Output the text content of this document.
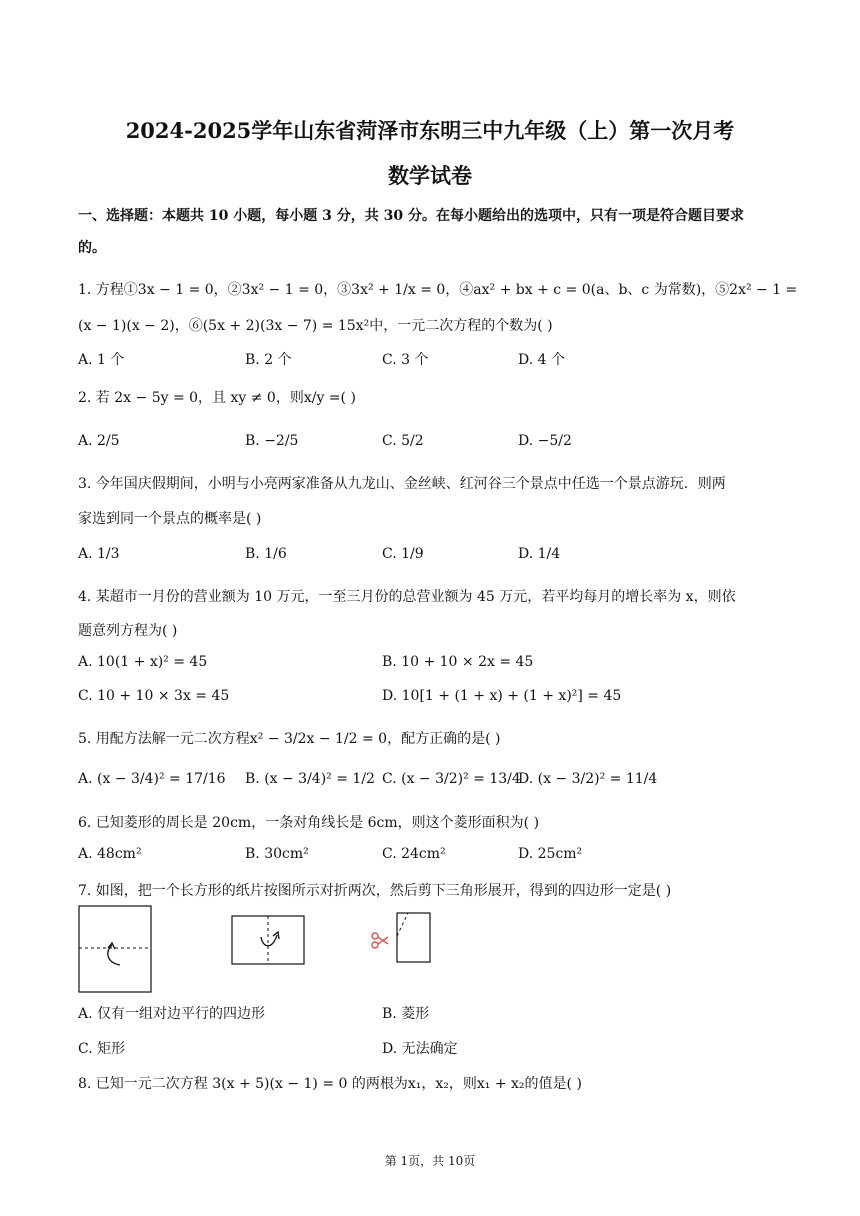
2024-2025学年山东省菏泽市东明三中九年级（上）第一次月考
数学试卷
一、选择题：本题共 10 小题，每小题 3 分，共 30 分。在每小题给出的选项中，只有一项是符合题目要求
的。
1. 方程①3x − 1 = 0，②3x² − 1 = 0，③3x² + 1/x = 0，④ax² + bx + c = 0(a、b、c 为常数)，⑤2x² − 1 =
(x − 1)(x − 2)，⑥(5x + 2)(3x − 7) = 15x²中，一元二次方程的个数为( )
A. 1 个	B. 2 个	C. 3 个	D. 4 个
2. 若 2x − 5y = 0，且 xy ≠ 0，则x/y =( )
A. 2/5	B. −2/5	C. 5/2	D. −5/2
3. 今年国庆假期间，小明与小亮两家准备从九龙山、金丝峡、红河谷三个景点中任选一个景点游玩．则两
家选到同一个景点的概率是( )
A. 1/3	B. 1/6	C. 1/9	D. 1/4
4. 某超市一月份的营业额为 10 万元，一至三月份的总营业额为 45 万元，若平均每月的增长率为 x，则依
题意列方程为( )
A. 10(1 + x)² = 45	B. 10 + 10 × 2x = 45
C. 10 + 10 × 3x = 45	D. 10[1 + (1 + x) + (1 + x)²] = 45
5. 用配方法解一元二次方程x² − 3/2x − 1/2 = 0，配方正确的是( )
A. (x − 3/4)² = 17/16 B. (x − 3/4)² = 1/2 C. (x − 3/2)² = 13/4
D. (x − 3/2)² = 11/4
6. 已知菱形的周长是 20cm，一条对角线长是 6cm，则这个菱形面积为( )
A. 48cm²	B. 30cm²	C. 24cm²	D. 25cm²
7. 如图，把一个长方形的纸片按图所示对折两次，然后剪下三角形展开，得到的四边形一定是( )
A. 仅有一组对边平行的四边形	B. 菱形
C. 矩形	D. 无法确定
8. 已知一元二次方程 3(x + 5)(x − 1) = 0 的两根为x₁，x₂，则x₁ + x₂的值是( )
第 1页，共 10页
